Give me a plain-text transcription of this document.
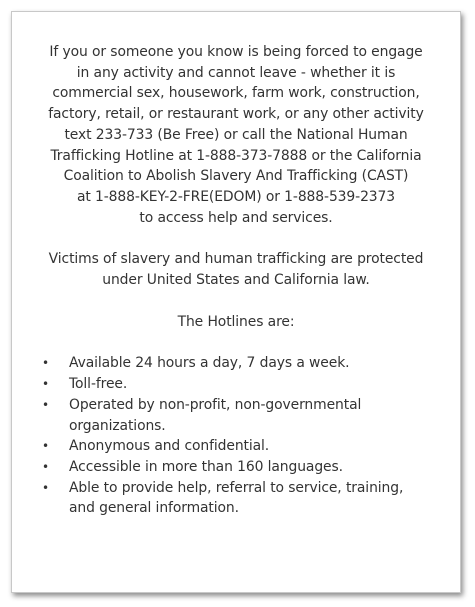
If you or someone you know is being forced to engage
in any activity and cannot leave - whether it is
commercial sex, housework, farm work, construction,
factory, retail, or restaurant work, or any other activity
text 233-733 (Be Free) or call the National Human
Trafficking Hotline at 1-888-373-7888 or the California
Coalition to Abolish Slavery And Trafficking (CAST)
at 1-888-KEY-2-FRE(EDOM) or 1-888-539-2373
to access help and services.

Victims of slavery and human trafficking are protected
under United States and California law.

The Hotlines are:

• Available 24 hours a day, 7 days a week.
• Toll-free.
• Operated by non-profit, non-governmental
organizations.
• Anonymous and confidential.
• Accessible in more than 160 languages.
• Able to provide help, referral to service, training,
and general information.
